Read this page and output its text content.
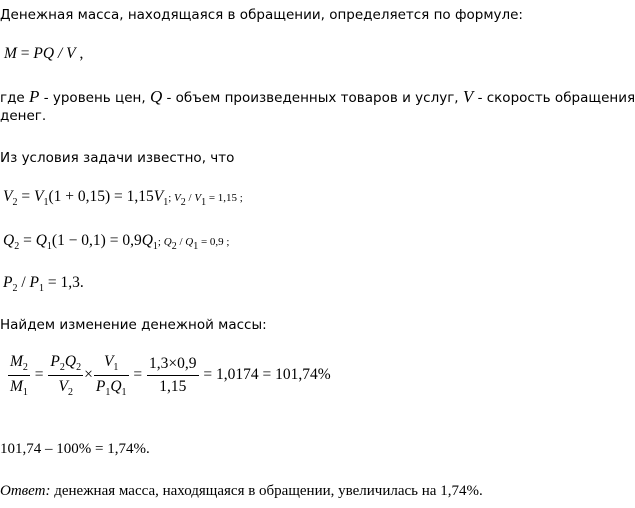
Денежная масса, находящаяся в обращении, определяется по формуле:
M = PQ / V ,
где P - уровень цен, Q - объем произведенных товаров и услуг, V - скорость обращения
денег.
Из условия задачи известно, что
$V_2 = V_1(1 + 0,15) = 1,15V_1$; $V_2 / V_1 = 1,15$ ;
$Q_2 = Q_1(1 - 0,1) = 0,9Q_1$; $Q_2 / Q_1 = 0,9$ ;
$P_2 / P_1 = 1,3$.
Найдем изменение денежной массы:
$\frac{M_2}{M_1} = \frac{P_2Q_2}{V_2} \times \frac{V_1}{P_1Q_1} = \frac{1,3\times 0,9}{1,15} = 1,0174 = 101,74\%$
101,74 – 100% = 1,74%.
Ответ: денежная масса, находящаяся в обращении, увеличилась на 1,74%.
